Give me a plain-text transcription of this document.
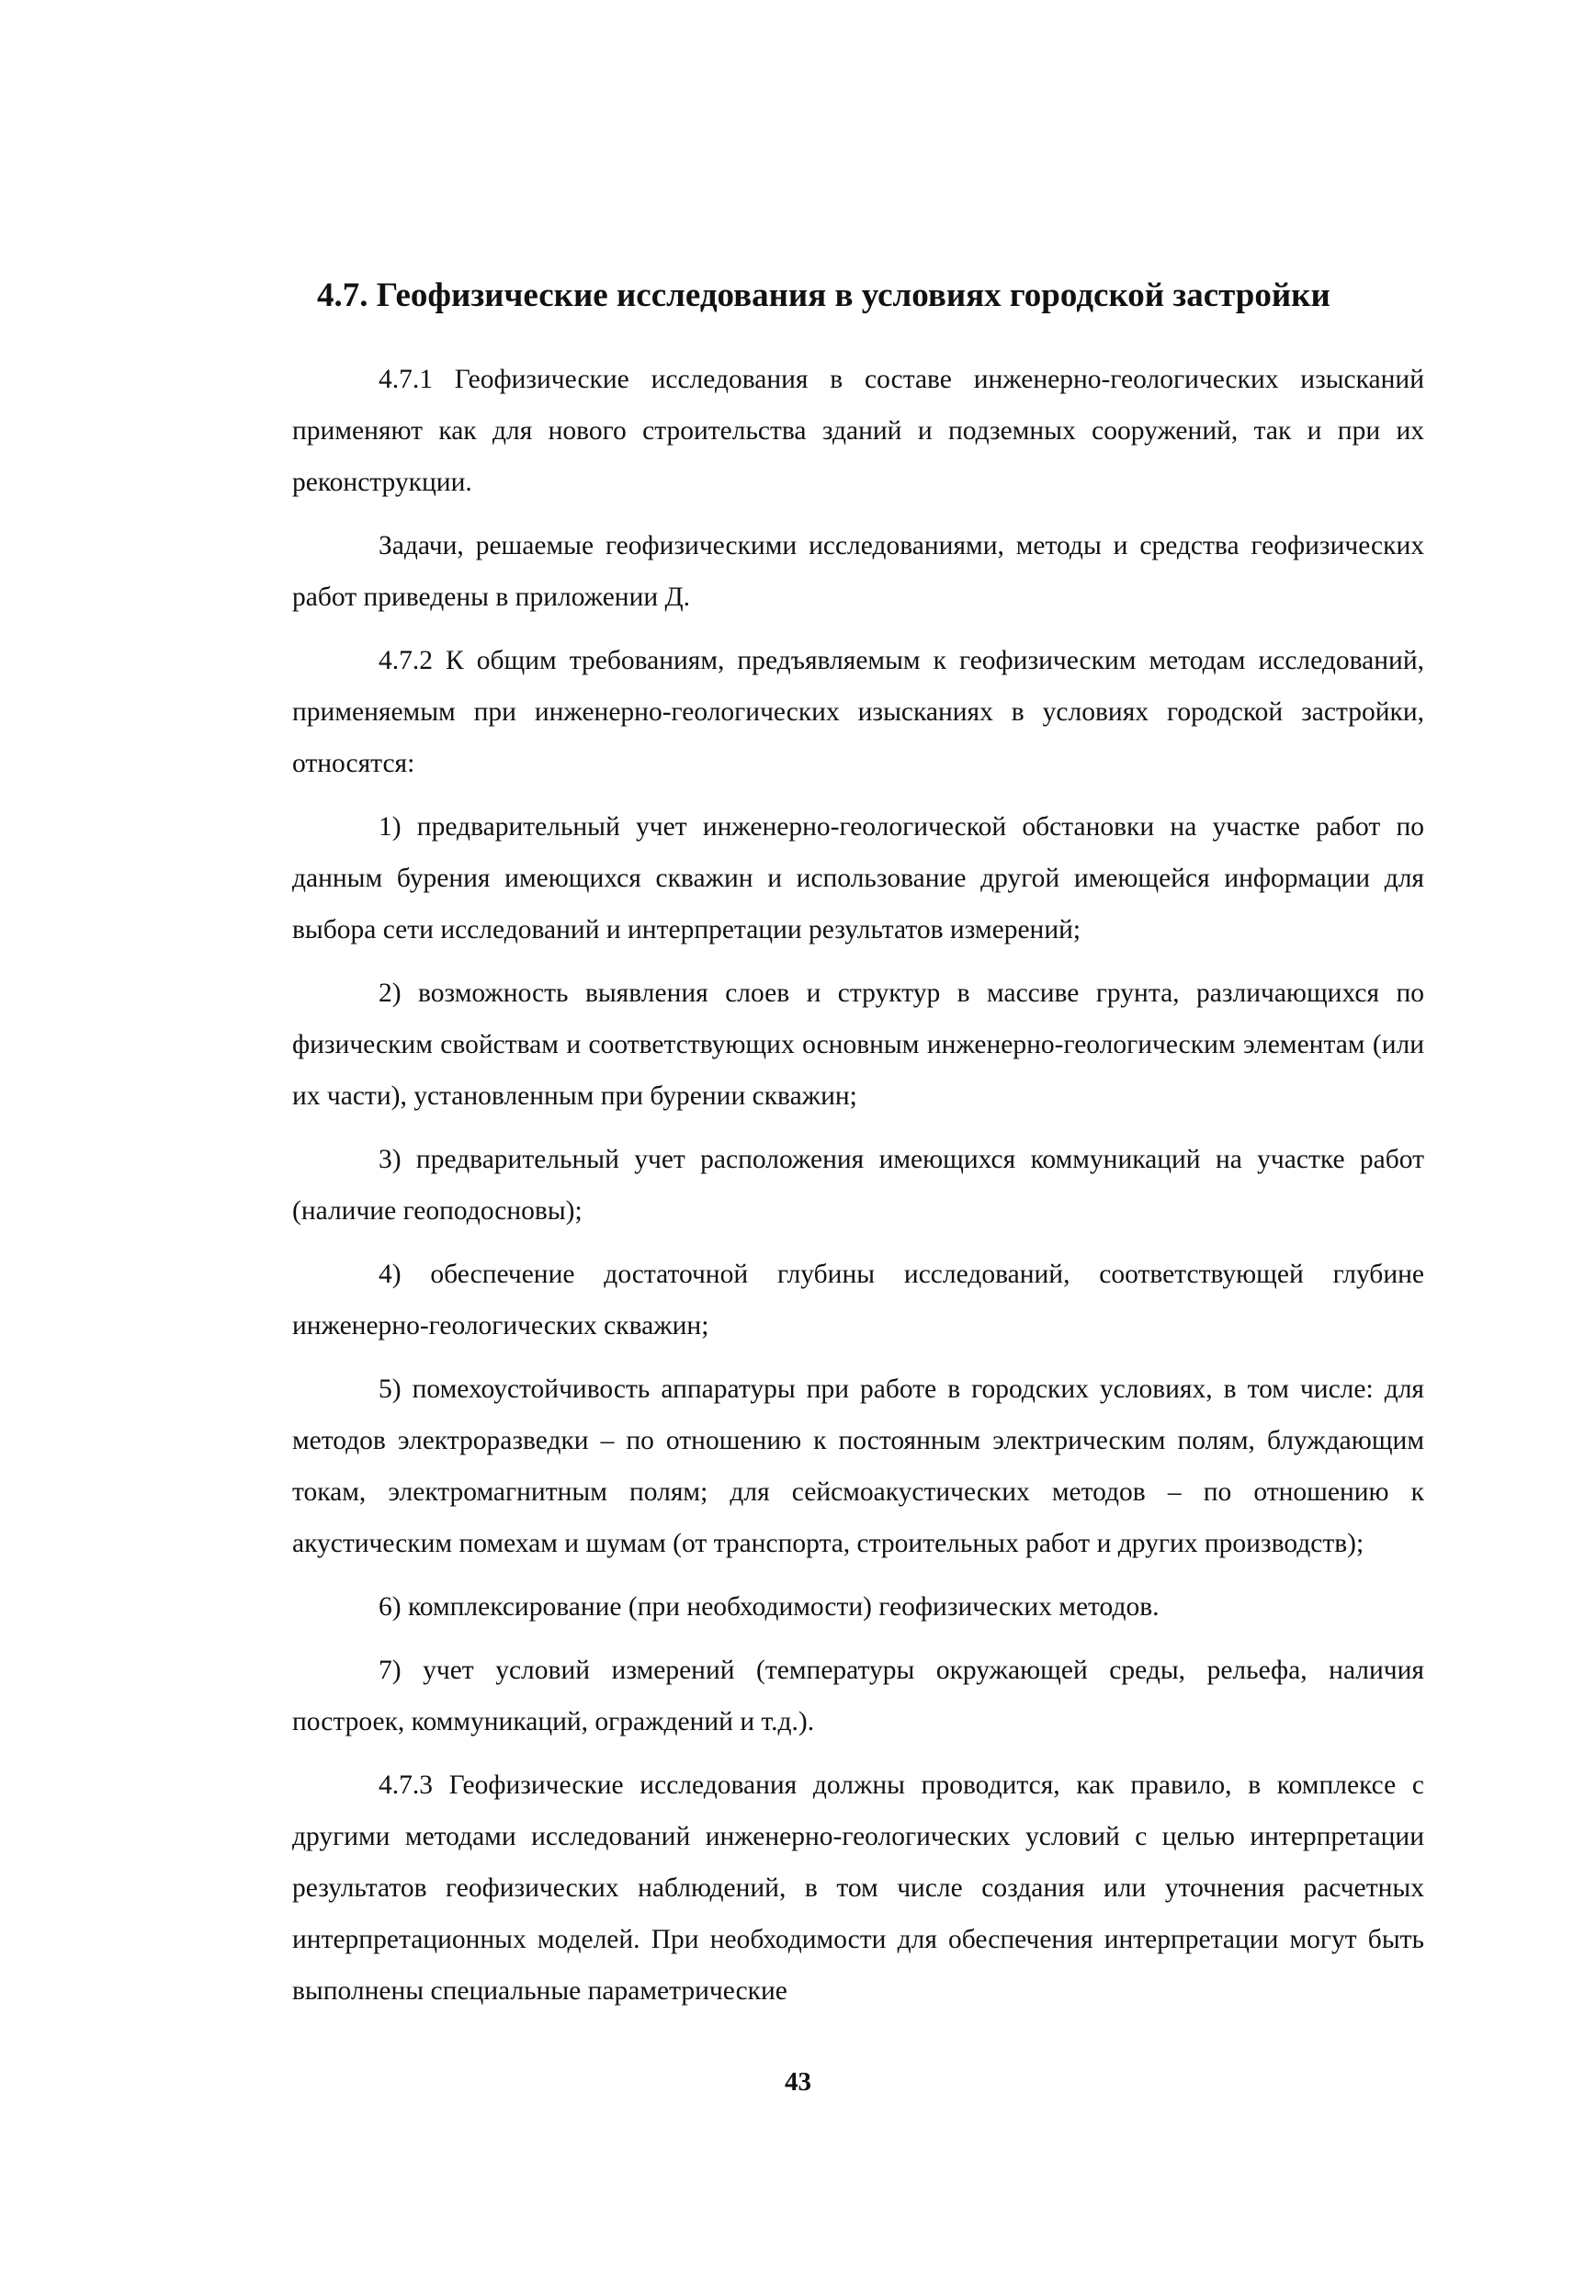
4.7. Геофизические исследования в условиях городской застройки

4.7.1 Геофизические исследования в составе инженерно-геологических изысканий применяют как для нового строительства зданий и подземных сооружений, так и при их реконструкции.

Задачи, решаемые геофизическими исследованиями, методы и средства геофизических работ приведены в приложении Д.

4.7.2 К общим требованиям, предъявляемым к геофизическим методам исследований, применяемым при инженерно-геологических изысканиях в условиях городской застройки, относятся:

1) предварительный учет инженерно-геологической обстановки на участке работ по данным бурения имеющихся скважин и использование другой имеющейся информации для выбора сети исследований и интерпретации результатов измерений;

2) возможность выявления слоев и структур в массиве грунта, различающихся по физическим свойствам и соответствующих основным инженерно-геологическим элементам (или их части), установленным при бурении скважин;

3) предварительный учет расположения имеющихся коммуникаций на участке работ (наличие геоподосновы);

4) обеспечение достаточной глубины исследований, соответствующей глубине инженерно-геологических скважин;

5) помехоустойчивость аппаратуры при работе в городских условиях, в том числе: для методов электроразведки – по отношению к постоянным электрическим полям, блуждающим токам, электромагнитным полям; для сейсмоакустических методов – по отношению к акустическим помехам и шумам (от транспорта, строительных работ и других производств);

6) комплексирование (при необходимости) геофизических методов.

7) учет условий измерений (температуры окружающей среды, рельефа, наличия построек, коммуникаций, ограждений и т.д.).

4.7.3 Геофизические исследования должны проводится, как правило, в комплексе с другими методами исследований инженерно-геологических условий с целью интерпретации результатов геофизических наблюдений, в том числе создания или уточнения расчетных интерпретационных моделей. При необходимости для обеспечения интерпретации могут быть выполнены специальные параметрические

43
